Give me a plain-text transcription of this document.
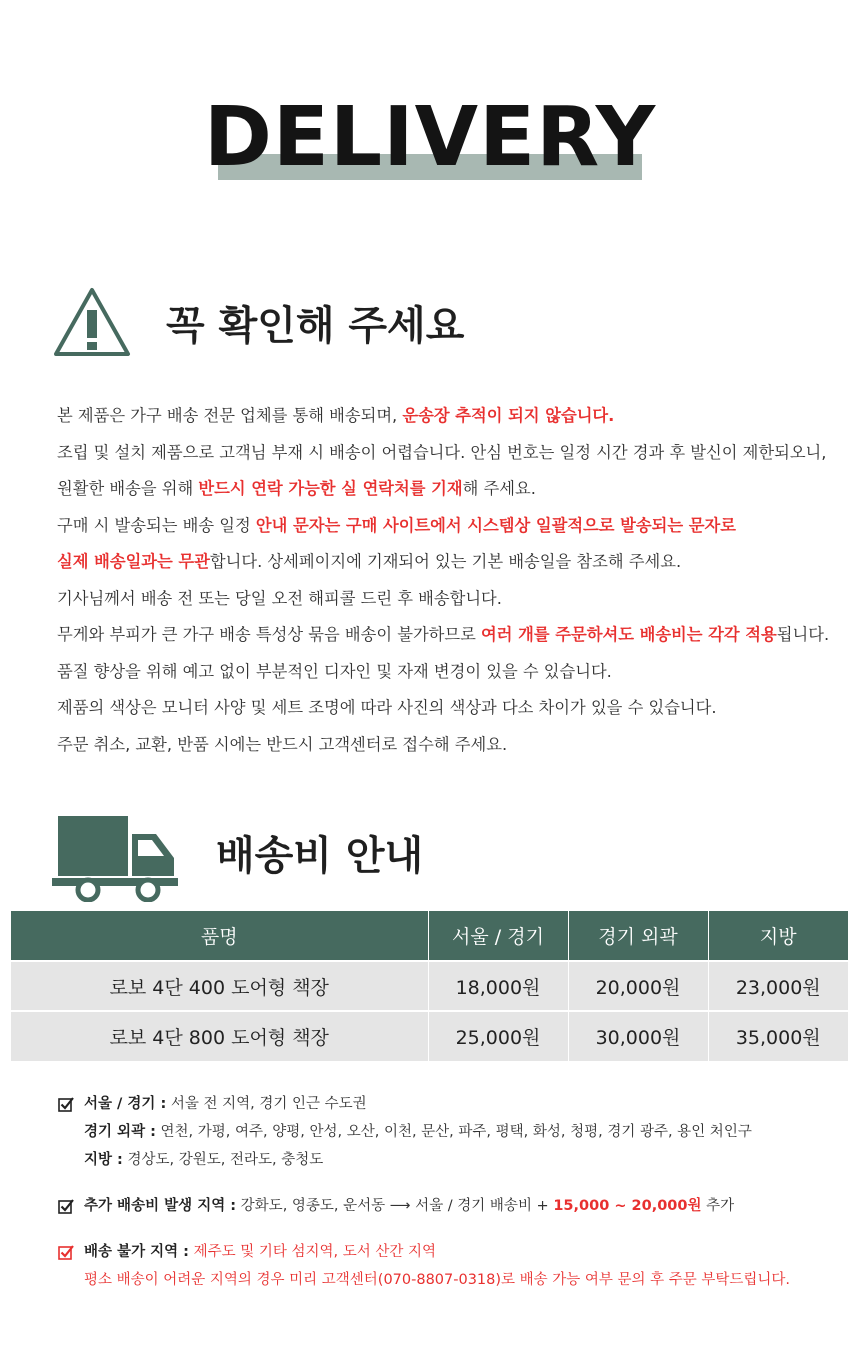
DELIVERY
꼭 확인해 주세요
본 제품은 가구 배송 전문 업체를 통해 배송되며, 운송장 추적이 되지 않습니다.
조립 및 설치 제품으로 고객님 부재 시 배송이 어렵습니다. 안심 번호는 일정 시간 경과 후 발신이 제한되오니,
원활한 배송을 위해 반드시 연락 가능한 실 연락처를 기재해 주세요.
구매 시 발송되는 배송 일정 안내 문자는 구매 사이트에서 시스템상 일괄적으로 발송되는 문자로
실제 배송일과는 무관합니다. 상세페이지에 기재되어 있는 기본 배송일을 참조해 주세요.
기사님께서 배송 전 또는 당일 오전 해피콜 드린 후 배송합니다.
무게와 부피가 큰 가구 배송 특성상 묶음 배송이 불가하므로 여러 개를 주문하셔도 배송비는 각각 적용됩니다.
품질 향상을 위해 예고 없이 부분적인 디자인 및 자재 변경이 있을 수 있습니다.
제품의 색상은 모니터 사양 및 세트 조명에 따라 사진의 색상과 다소 차이가 있을 수 있습니다.
주문 취소, 교환, 반품 시에는 반드시 고객센터로 접수해 주세요.
배송비 안내
품명	서울 / 경기	경기 외곽	지방
로보 4단 400 도어형 책장	18,000원	20,000원	23,000원
로보 4단 800 도어형 책장	25,000원	30,000원	35,000원
서울 / 경기 : 서울 전 지역, 경기 인근 수도권
경기 외곽 : 연천, 가평, 여주, 양평, 안성, 오산, 이천, 문산, 파주, 평택, 화성, 청평, 경기 광주, 용인 처인구
지방 : 경상도, 강원도, 전라도, 충청도
추가 배송비 발생 지역 : 강화도, 영종도, 운서동 ⟶ 서울 / 경기 배송비 + 15,000 ~ 20,000원 추가
배송 불가 지역 : 제주도 및 기타 섬지역, 도서 산간 지역
평소 배송이 어려운 지역의 경우 미리 고객센터(070-8807-0318)로 배송 가능 여부 문의 후 주문 부탁드립니다.
